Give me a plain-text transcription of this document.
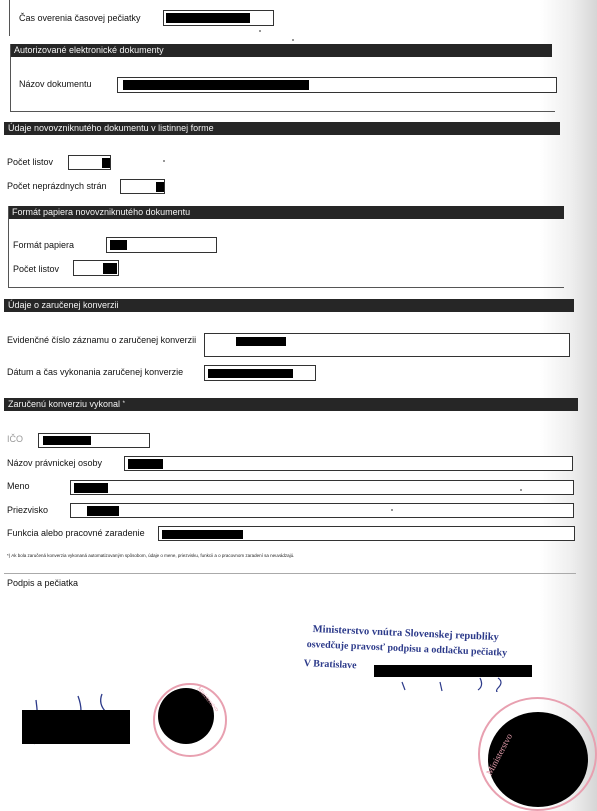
Čas overenia časovej pečiatky
Autorizované elektronické dokumenty
Názov dokumentu
Údaje novovzniknutého dokumentu v listinnej forme
Počet listov
Počet neprázdnych strán
Formát papiera novovzniknutého dokumentu
Formát papiera
Počet listov
Údaje o zaručenej konverzii
Evidenčné číslo záznamu o zaručenej konverzii
Dátum a čas vykonania zaručenej konverzie
Zaručenú konverziu vykonal *
IČO
Názov právnickej osoby
Meno
Priezvisko
Funkcia alebo pracovné zaradenie
*) Ak bola zaručená konverzia vykonaná automatizovaným spôsobom, údaje o mene, priezvisku, funkcii a o pracovnom zaradení sa neuvádzajú.
Podpis a pečiatka
Ministerstvo vnútra Slovenskej republiky
osvedčuje pravosť podpisu a odtlačku pečiatky
V Bratislave
Ministerstvo
Ministerstvo
